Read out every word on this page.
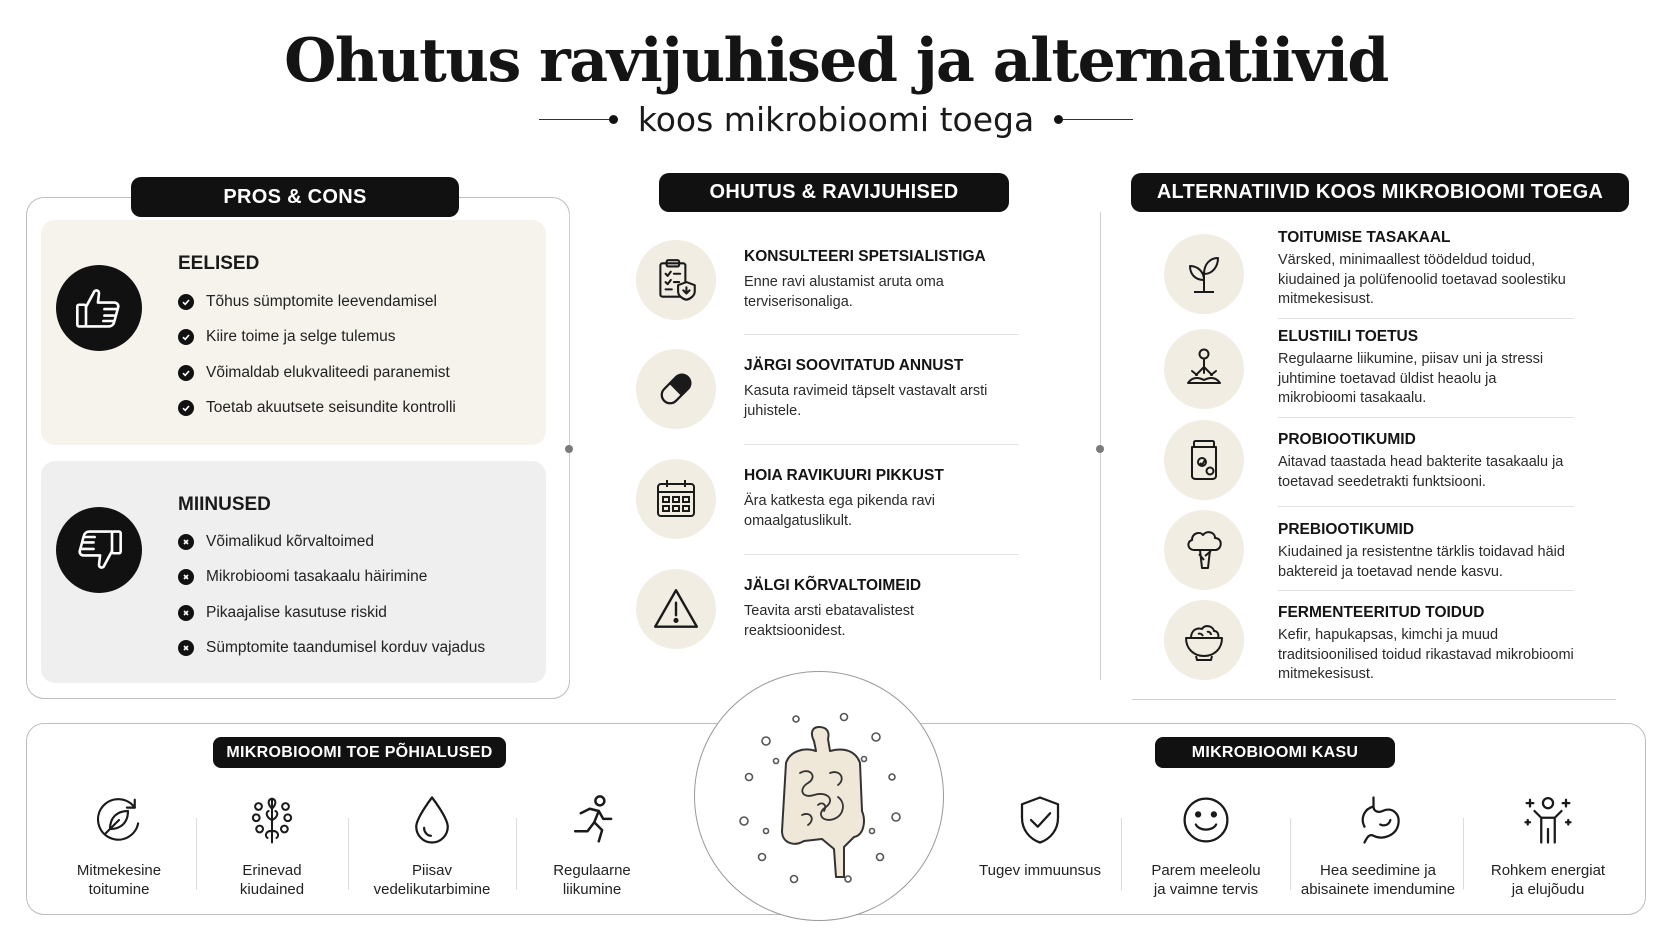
Ohutus ravijuhised ja alternatiivid
koos mikrobioomi toega
PROS & CONS
EELISED
Tõhus sümptomite leevendamisel
Kiire toime ja selge tulemus
Võimaldab elukvaliteedi paranemist
Toetab akuutsete seisundite kontrolli
MIINUSED
Võimalikud kõrvaltoimed
Mikrobioomi tasakaalu häirimine
Pikaajalise kasutuse riskid
Sümptomite taandumisel korduv vajadus
OHUTUS & RAVIJUHISED
KONSULTEERI SPETSIALISTIGA
Enne ravi alustamist aruta oma terviserisonaliga.
JÄRGI SOOVITATUD ANNUST
Kasuta ravimeid täpselt vastavalt arsti juhistele.
HOIA RAVIKUURI PIKKUST
Ära katkesta ega pikenda ravi omaalgatuslikult.
JÄLGI KÕRVALTOIMEID
Teavita arsti ebatavalistest reaktsioonidest.
ALTERNATIIVID KOOS MIKROBIOOMI TOEGA
TOITUMISE TASAKAAL
Värsked, minimaallest töödeldud toidud, kiudained ja polüfenoolid toetavad soolestiku mitmekesisust.
ELUSTIILI TOETUS
Regulaarne liikumine, piisav uni ja stressi juhtimine toetavad üldist heaolu ja mikrobioomi tasakaalu.
PROBIOOTIKUMID
Aitavad taastada head bakterite tasakaalu ja toetavad seedetrakti funktsiooni.
PREBIOOTIKUMID
Kiudained ja resistentne tärklis toidavad häid baktereid ja toetavad nende kasvu.
FERMENTEERITUD TOIDUD
Kefir, hapukapsas, kimchi ja muud traditsioonilised toidud rikastavad mikrobioomi mitmekesisust.
MIKROBIOOMI TOE PÕHIALUSED	MIKROBIOOMI KASU
Mitmekesine
toitumine
Erinevad
kiudained
Piisav
vedelikutarbimine
Regulaarne
liikumine
Tugev immuunsus	Parem meeleolu
ja vaimne tervis
Hea seedimine ja
abisainete imendumine
Rohkem energiat
ja elujõudu
